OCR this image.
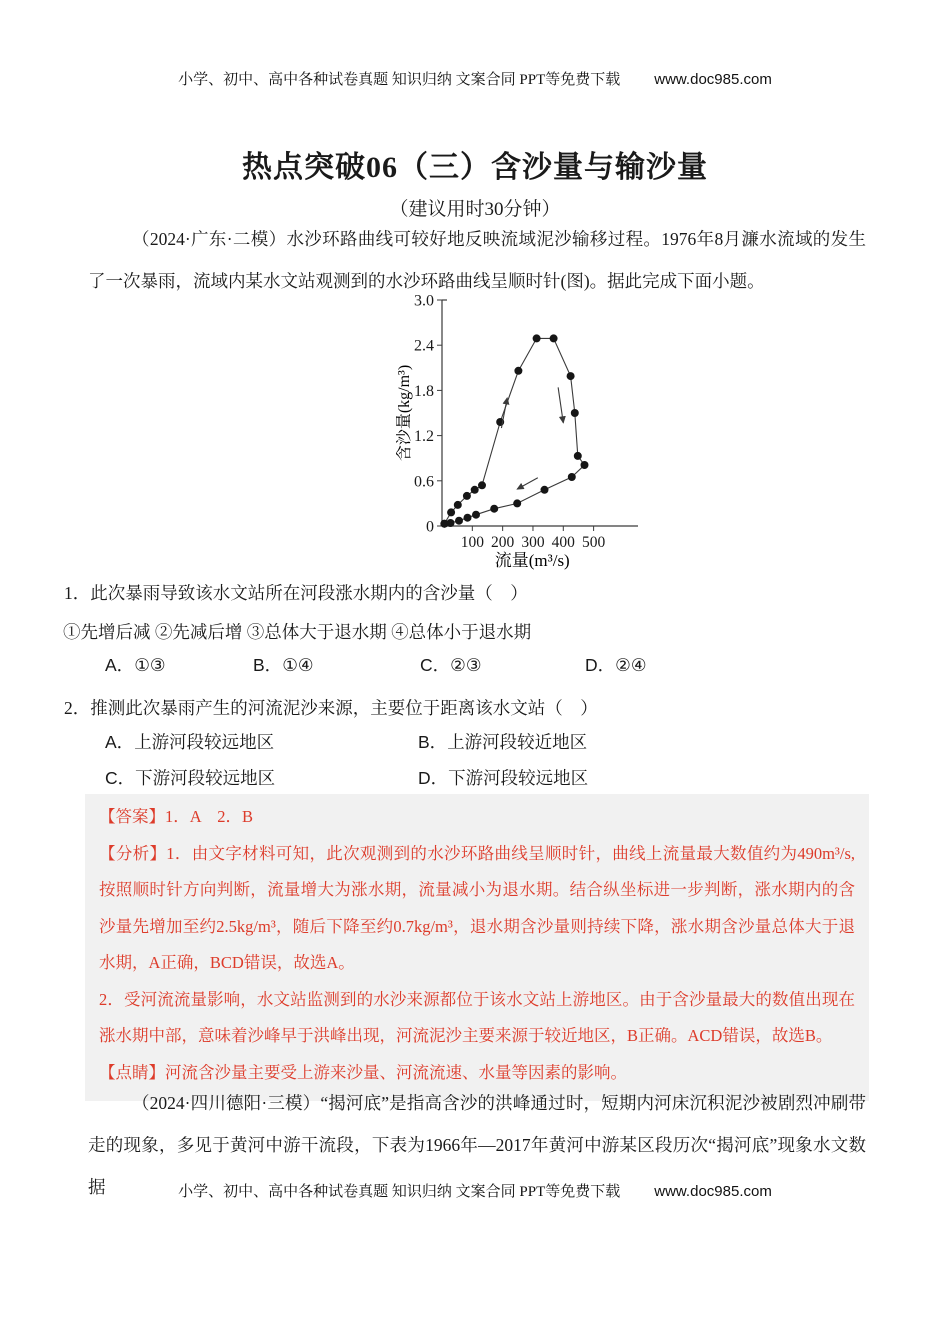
小学、初中、高中各种试卷真题 知识归纳 文案合同 PPT等免费下载 www.doc985.com
热点突破06（三）含沙量与输沙量
（建议用时30分钟）
（2024·广东·二模）水沙环路曲线可较好地反映流域泥沙输移过程。1976年8月濂水流域的发生了一次暴雨，流域内某水文站观测到的水沙环路曲线呈顺时针(图)。据此完成下面小题。
0
0.6
1.2
1.8
2.4
3.0
100 200 300 400 500
含沙量(kg/m³)
流量(m³/s)
1．此次暴雨导致该水文站所在河段涨水期内的含沙量（　）
①先增后减 ②先减后增 ③总体大于退水期 ④总体小于退水期
A．①③	B．①④	C．②③	D．②④
2．推测此次暴雨产生的河流泥沙来源，主要位于距离该水文站（　）
A．上游河段较远地区	B．上游河段较近地区
C．下游河段较远地区	D．下游河段较远地区

【答案】1．A　2．B

【分析】1．由文字材料可知，此次观测到的水沙环路曲线呈顺时针，曲线上流量最大数值约为490m³/s,按照顺时针方向判断，流量增大为涨水期，流量减小为退水期。结合纵坐标进一步判断，涨水期内的含沙量先增加至约2.5kg/m³，随后下降至约0.7kg/m³，退水期含沙量则持续下降，涨水期含沙量总体大于退水期，A正确，BCD错误，故选A。

2．受河流流量影响，水文站监测到的水沙来源都位于该水文站上游地区。由于含沙量最大的数值出现在涨水期中部，意味着沙峰早于洪峰出现，河流泥沙主要来源于较近地区，B正确。ACD错误，故选B。

【点睛】河流含沙量主要受上游来沙量、河流流速、水量等因素的影响。

（2024·四川德阳·三模）“揭河底”是指高含沙的洪峰通过时，短期内河床沉积泥沙被剧烈冲刷带走的现象，多见于黄河中游干流段，下表为1966年—2017年黄河中游某区段历次“揭河底”现象水文数据	小学、初中、高中各种试卷真题 知识归纳 文案合同 PPT等免费下载 www.doc985.com
